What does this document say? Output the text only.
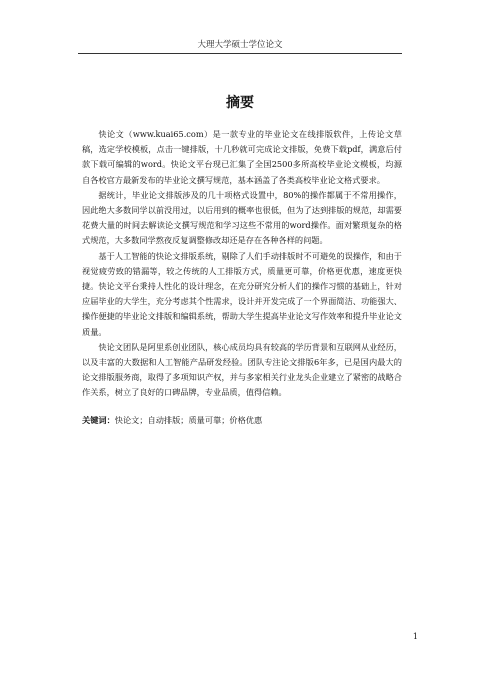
大理大学硕士学位论文
摘要

快论文（www.kuai65.com）是一款专业的毕业论文在线排版软件，上传论文草稿，选定学校模板，点击一键排版，十几秒就可完成论文排版，免费下载pdf，满意后付款下载可编辑的word。快论文平台现已汇集了全国2500多所高校毕业论文模板，均源自各校官方最新发布的毕业论文撰写规范，基本涵盖了各类高校毕业论文格式要求。

据统计，毕业论文排版涉及的几十项格式设置中，80%的操作都属于不常用操作，因此绝大多数同学以前没用过，以后用到的概率也很低，但为了达到排版的规范，却需要花费大量的时间去解读论文撰写规范和学习这些不常用的word操作。面对繁琐复杂的格式规范，大多数同学熬夜反复调整修改却还是存在各种各样的问题。

基于人工智能的快论文排版系统，剔除了人们手动排版时不可避免的误操作，和由于视觉疲劳致的错漏等，较之传统的人工排版方式，质量更可靠，价格更优惠，速度更快捷。快论文平台秉持人性化的设计理念，在充分研究分析人们的操作习惯的基础上，针对应届毕业的大学生，充分考虑其个性需求，设计并开发完成了一个界面简洁、功能强大、操作便捷的毕业论文排版和编辑系统，帮助大学生提高毕业论文写作效率和提升毕业论文质量。

快论文团队是阿里系创业团队，核心成员均具有较高的学历背景和互联网从业经历，以及丰富的大数据和人工智能产品研发经验。团队专注论文排版6年多，已是国内最大的论文排版服务商，取得了多项知识产权，并与多家相关行业龙头企业建立了紧密的战略合作关系，树立了良好的口碑品牌，专业品质，值得信赖。

关键词：快论文；自动排版；质量可靠；价格优惠
1
